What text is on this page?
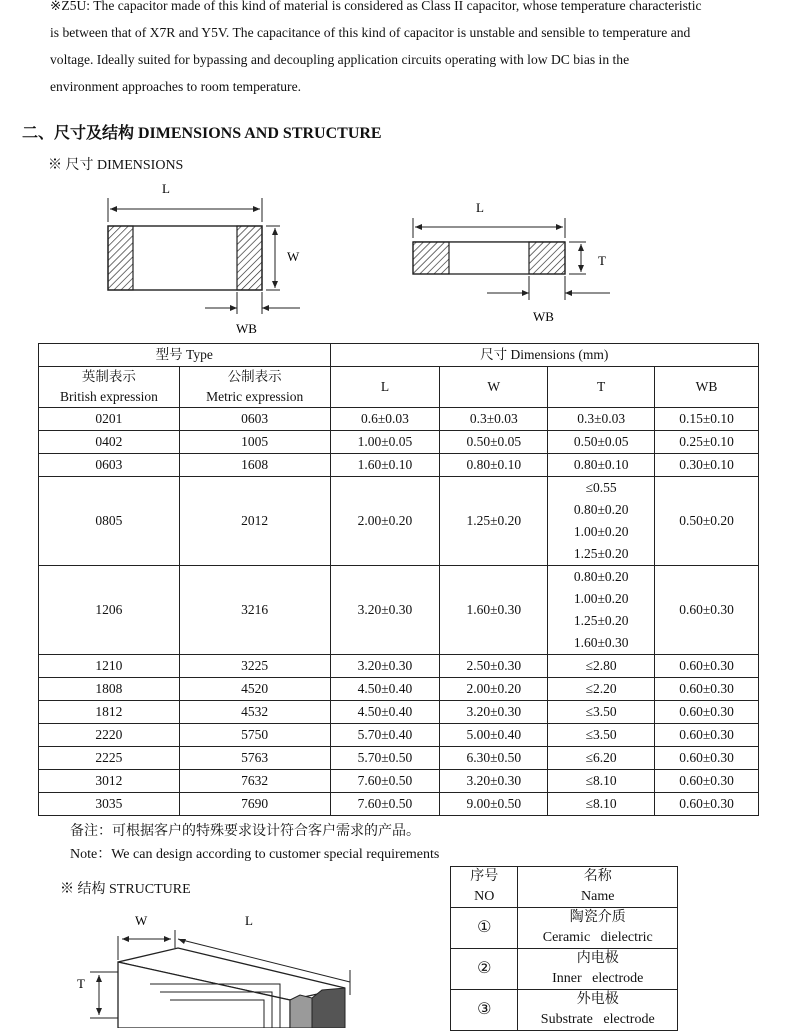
※Z5U: The capacitor made of this kind of material is considered as Class II capacitor, whose temperature characteristic
is between that of X7R and Y5V. The capacitance of this kind of capacitor is unstable and sensible to temperature and
voltage. Ideally suited for bypassing and decoupling application circuits operating with low DC bias in the
environment approaches to room temperature.
二、尺寸及结构 DIMENSIONS AND STRUCTURE
※ 尺寸 DIMENSIONS
L
W
WB
L
T
WB
型号 Type		尺寸 Dimensions (mm)			
英制表示
British expression	公制表示
Metric expression	L	W	T	WB
0201	0603	0.6±0.03	0.3±0.03	0.3±0.03	0.15±0.10
0402	1005	1.00±0.05	0.50±0.05	0.50±0.05	0.25±0.10
0603	1608	1.60±0.10	0.80±0.10	0.80±0.10	0.30±0.10
0805	2012	2.00±0.20	1.25±0.20	≤0.55
0.80±0.20
1.00±0.20
1.25±0.20	0.50±0.20
1206	3216	3.20±0.30	1.60±0.30	0.80±0.20
1.00±0.20
1.25±0.20
1.60±0.30	0.60±0.30
1210	3225	3.20±0.30	2.50±0.30	≤2.80	0.60±0.30
1808	4520	4.50±0.40	2.00±0.20	≤2.20	0.60±0.30
1812	4532	4.50±0.40	3.20±0.30	≤3.50	0.60±0.30
2220	5750	5.70±0.40	5.00±0.40	≤3.50	0.60±0.30
2225	5763	5.70±0.50	6.30±0.50	≤6.20	0.60±0.30
3012	7632	7.60±0.50	3.20±0.30	≤8.10	0.60±0.30
3035	7690	7.60±0.50	9.00±0.50	≤8.10	0.60±0.30
备注：可根据客户的特殊要求设计符合客户需求的产品。
Note：We can design according to customer special requirements
※ 结构 STRUCTURE
W	L
T
序号
NO	名称
Name
①	陶瓷介质
Ceramic   dielectric
②	内电极
Inner   electrode
③	外电极
Substrate   electrode
